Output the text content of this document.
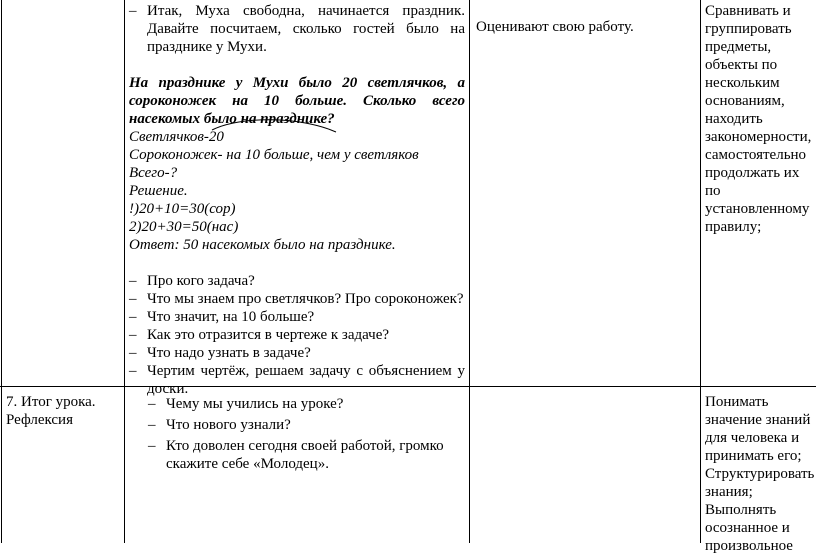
– Итак, Муха свободна, начинается праздник. Давайте посчитаем, сколько гостей было на празднике у Мухи.
На празднике у Мухи было 20 светлячков, а сороконожек на 10 больше. Сколько всего насекомых было на празднике?
Светлячков-20
Сороконожек- на 10 больше, чем у светляков
Всего-?
Решение.
!)20+10=30(сор)
2)20+30=50(нас)
Ответ: 50 насекомых было на празднике.
– Про кого задача?
– Что мы знаем про светлячков? Про сороконожек?
– Что значит, на 10 больше?
– Как это отразится в чертеже к задаче?
– Что надо узнать в задаче?
– Чертим чертёж, решаем задачу с объяснением у доски.
Оценивают свою работу.
Сравнивать и группировать предметы, объекты по нескольким основаниям, находить закономерности, самостоятельно продолжать их по установленному правилу;
7. Итог урока. Рефлексия
– Чему мы учились на уроке?
– Что нового узнали?
– Кто доволен сегодня своей работой, громко скажите себе «Молодец».
Понимать значение знаний для человека и принимать его; Структурировать знания; Выполнять осознанное и произвольное
